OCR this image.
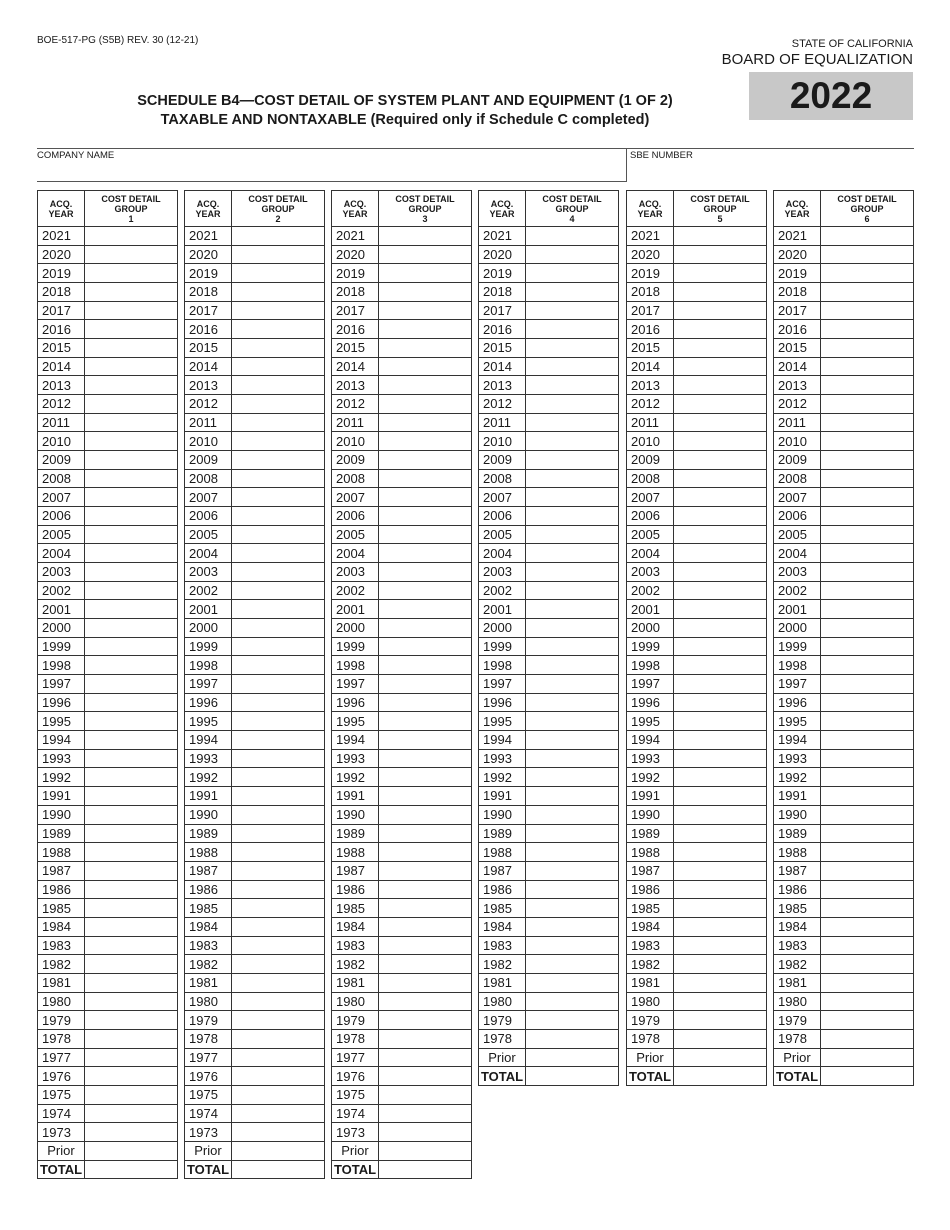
BOE-517-PG (S5B) REV. 30 (12-21)	STATE OF CALIFORNIA
BOARD OF EQUALIZATION
2022
SCHEDULE B4—COST DETAIL OF SYSTEM PLANT AND EQUIPMENT (1 OF 2)
TAXABLE AND NONTAXABLE (Required only if Schedule C completed)
COMPANY NAME	SBE NUMBER
ACQ.
YEAR	COST DETAIL
GROUP
1
2021	
2020	
2019	
2018	
2017	
2016	
2015	
2014	
2013	
2012	
2011	
2010	
2009	
2008	
2007	
2006	
2005	
2004	
2003	
2002	
2001	
2000	
1999	
1998	
1997	
1996	
1995	
1994	
1993	
1992	
1991	
1990	
1989	
1988	
1987	
1986	
1985	
1984	
1983	
1982	
1981	
1980	
1979	
1978	
1977	
1976	
1975	
1974	
1973	
Prior	
TOTAL	
ACQ.
YEAR	COST DETAIL
GROUP
2
2021	
2020	
2019	
2018	
2017	
2016	
2015	
2014	
2013	
2012	
2011	
2010	
2009	
2008	
2007	
2006	
2005	
2004	
2003	
2002	
2001	
2000	
1999	
1998	
1997	
1996	
1995	
1994	
1993	
1992	
1991	
1990	
1989	
1988	
1987	
1986	
1985	
1984	
1983	
1982	
1981	
1980	
1979	
1978	
1977	
1976	
1975	
1974	
1973	
Prior	
TOTAL	
ACQ.
YEAR	COST DETAIL
GROUP
3
2021	
2020	
2019	
2018	
2017	
2016	
2015	
2014	
2013	
2012	
2011	
2010	
2009	
2008	
2007	
2006	
2005	
2004	
2003	
2002	
2001	
2000	
1999	
1998	
1997	
1996	
1995	
1994	
1993	
1992	
1991	
1990	
1989	
1988	
1987	
1986	
1985	
1984	
1983	
1982	
1981	
1980	
1979	
1978	
1977	
1976	
1975	
1974	
1973	
Prior	
TOTAL	
ACQ.
YEAR	COST DETAIL
GROUP
4
2021	
2020	
2019	
2018	
2017	
2016	
2015	
2014	
2013	
2012	
2011	
2010	
2009	
2008	
2007	
2006	
2005	
2004	
2003	
2002	
2001	
2000	
1999	
1998	
1997	
1996	
1995	
1994	
1993	
1992	
1991	
1990	
1989	
1988	
1987	
1986	
1985	
1984	
1983	
1982	
1981	
1980	
1979	
1978	
Prior	
TOTAL	
ACQ.
YEAR	COST DETAIL
GROUP
5
2021	
2020	
2019	
2018	
2017	
2016	
2015	
2014	
2013	
2012	
2011	
2010	
2009	
2008	
2007	
2006	
2005	
2004	
2003	
2002	
2001	
2000	
1999	
1998	
1997	
1996	
1995	
1994	
1993	
1992	
1991	
1990	
1989	
1988	
1987	
1986	
1985	
1984	
1983	
1982	
1981	
1980	
1979	
1978	
Prior	
TOTAL	
ACQ.
YEAR	COST DETAIL
GROUP
6
2021	
2020	
2019	
2018	
2017	
2016	
2015	
2014	
2013	
2012	
2011	
2010	
2009	
2008	
2007	
2006	
2005	
2004	
2003	
2002	
2001	
2000	
1999	
1998	
1997	
1996	
1995	
1994	
1993	
1992	
1991	
1990	
1989	
1988	
1987	
1986	
1985	
1984	
1983	
1982	
1981	
1980	
1979	
1978	
Prior	
TOTAL	
